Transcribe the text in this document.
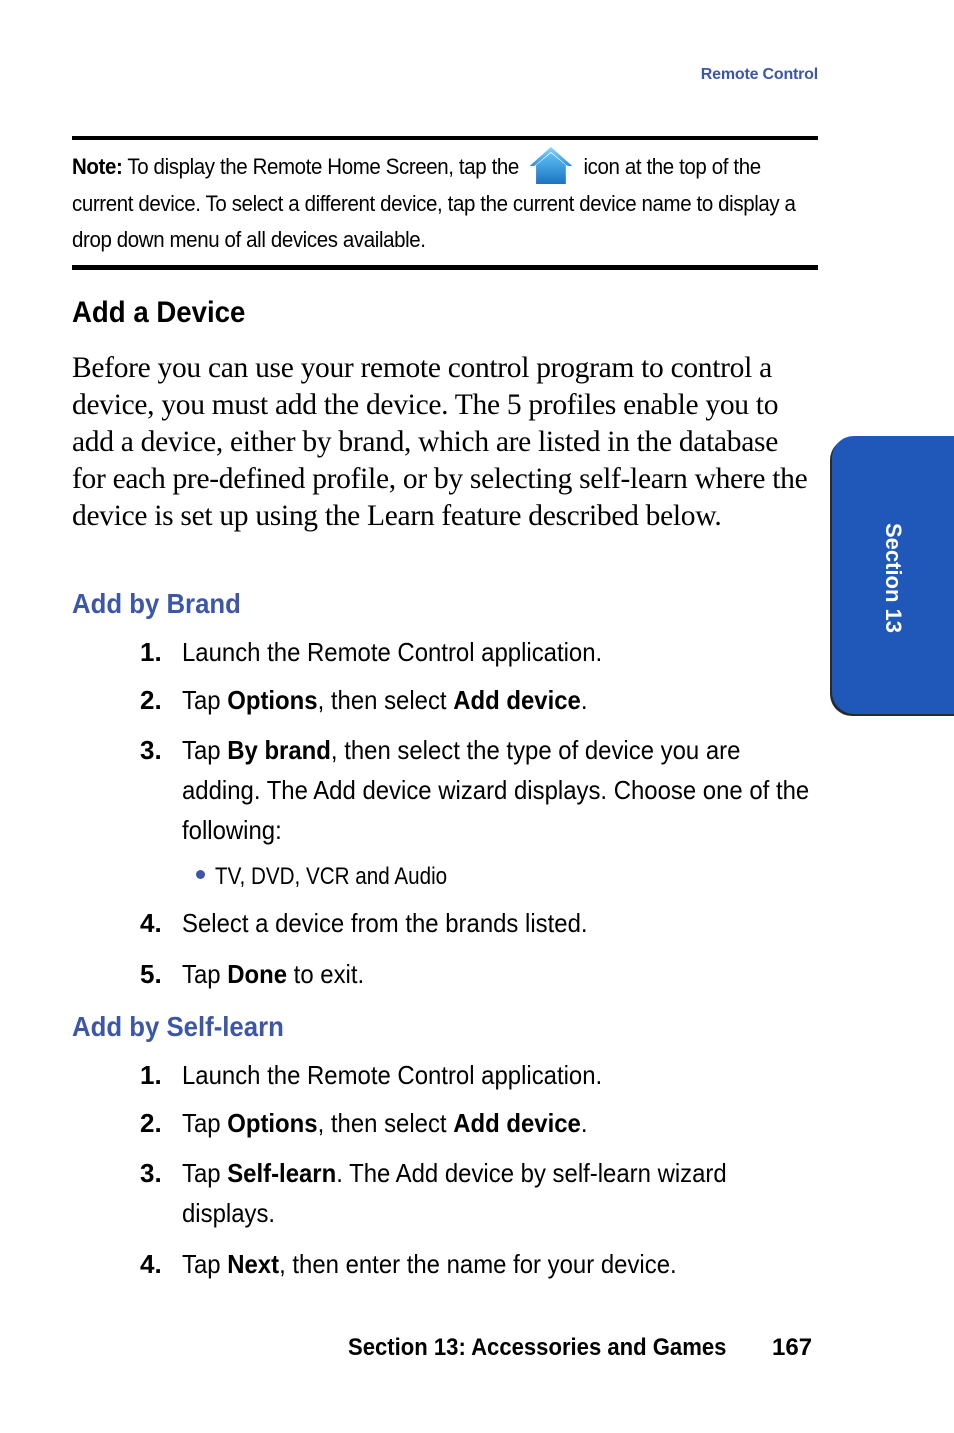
Remote Control
Note: To display the Remote Home Screen, tap the	icon at the top of the current device. To select a different device, tap the current device name to display a drop down menu of all devices available.
Add a Device

Before you can use your remote control program to control a device, you must add the device. The 5 profiles enable you to add a device, either by brand, which are listed in the database for each pre-defined profile, or by selecting self-learn where the device is set up using the Learn feature described below.

Add by Brand
1. Launch the Remote Control application.
2. Tap Options, then select Add device.
3. Tap By brand, then select the type of device you are adding. The Add device wizard displays. Choose one of the following:
TV, DVD, VCR and Audio
4. Select a device from the brands listed.
5. Tap Done to exit.
Add by Self-learn
1. Launch the Remote Control application.
2. Tap Options, then select Add device.
3. Tap Self-learn. The Add device by self-learn wizard displays.
4. Tap Next, then enter the name for your device.
Section 13
Section 13: Accessories and Games 167
